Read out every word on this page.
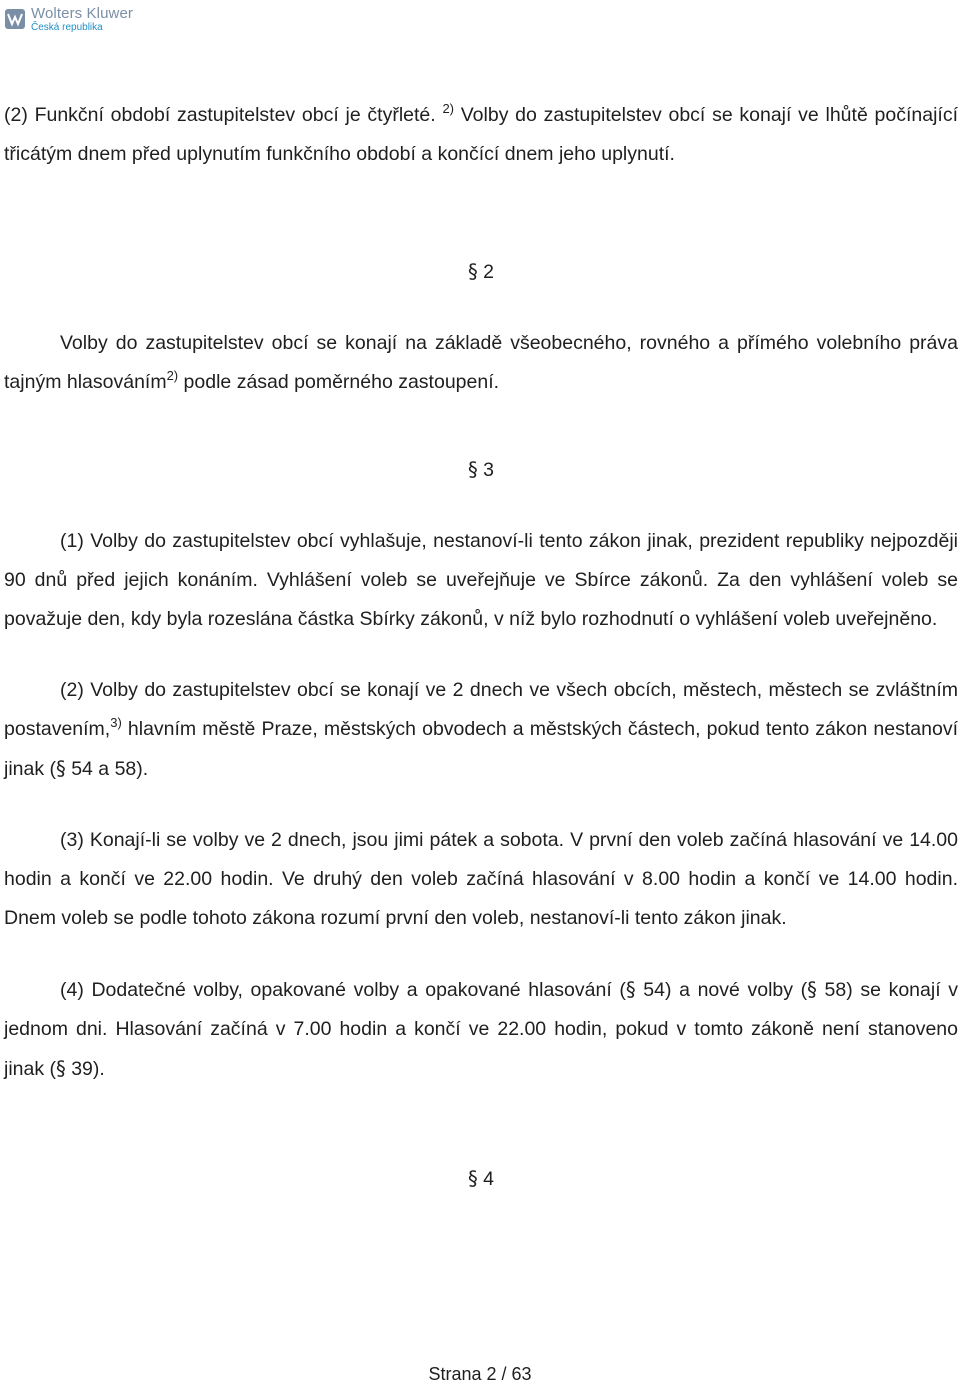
Wolters Kluwer
Česká republika

(2) Funkční období zastupitelstev obcí je čtyřleté. $^{2)}$ Volby do zastupitelstev obcí se konají ve lhůtě počínající třicátým dnem před uplynutím funkčního období a končící dnem jeho uplynutí.

§ 2

Volby do zastupitelstev obcí se konají na základě všeobecného, rovného a přímého volebního práva tajným hlasováním$^{2)}$ podle zásad poměrného zastoupení.

§ 3

(1) Volby do zastupitelstev obcí vyhlašuje, nestanoví-li tento zákon jinak, prezident republiky nejpozději 90 dnů před jejich konáním. Vyhlášení voleb se uveřejňuje ve Sbírce zákonů. Za den vyhlášení voleb se považuje den, kdy byla rozeslána částka Sbírky zákonů, v níž bylo rozhodnutí o vyhlášení voleb uveřejněno.

(2) Volby do zastupitelstev obcí se konají ve 2 dnech ve všech obcích, městech, městech se zvláštním postavením,$^{3)}$ hlavním městě Praze, městských obvodech a městských částech, pokud tento zákon nestanoví jinak (§ 54 a 58).

(3) Konají-li se volby ve 2 dnech, jsou jimi pátek a sobota. V první den voleb začíná hlasování ve 14.00 hodin a končí ve 22.00 hodin. Ve druhý den voleb začíná hlasování v 8.00 hodin a končí ve 14.00 hodin. Dnem voleb se podle tohoto zákona rozumí první den voleb, nestanoví-li tento zákon jinak.

(4) Dodatečné volby, opakované volby a opakované hlasování (§ 54) a nové volby (§ 58) se konají v jednom dni. Hlasování začíná v 7.00 hodin a končí ve 22.00 hodin, pokud v tomto zákoně není stanoveno jinak (§ 39).

§ 4

Strana 2 / 63
